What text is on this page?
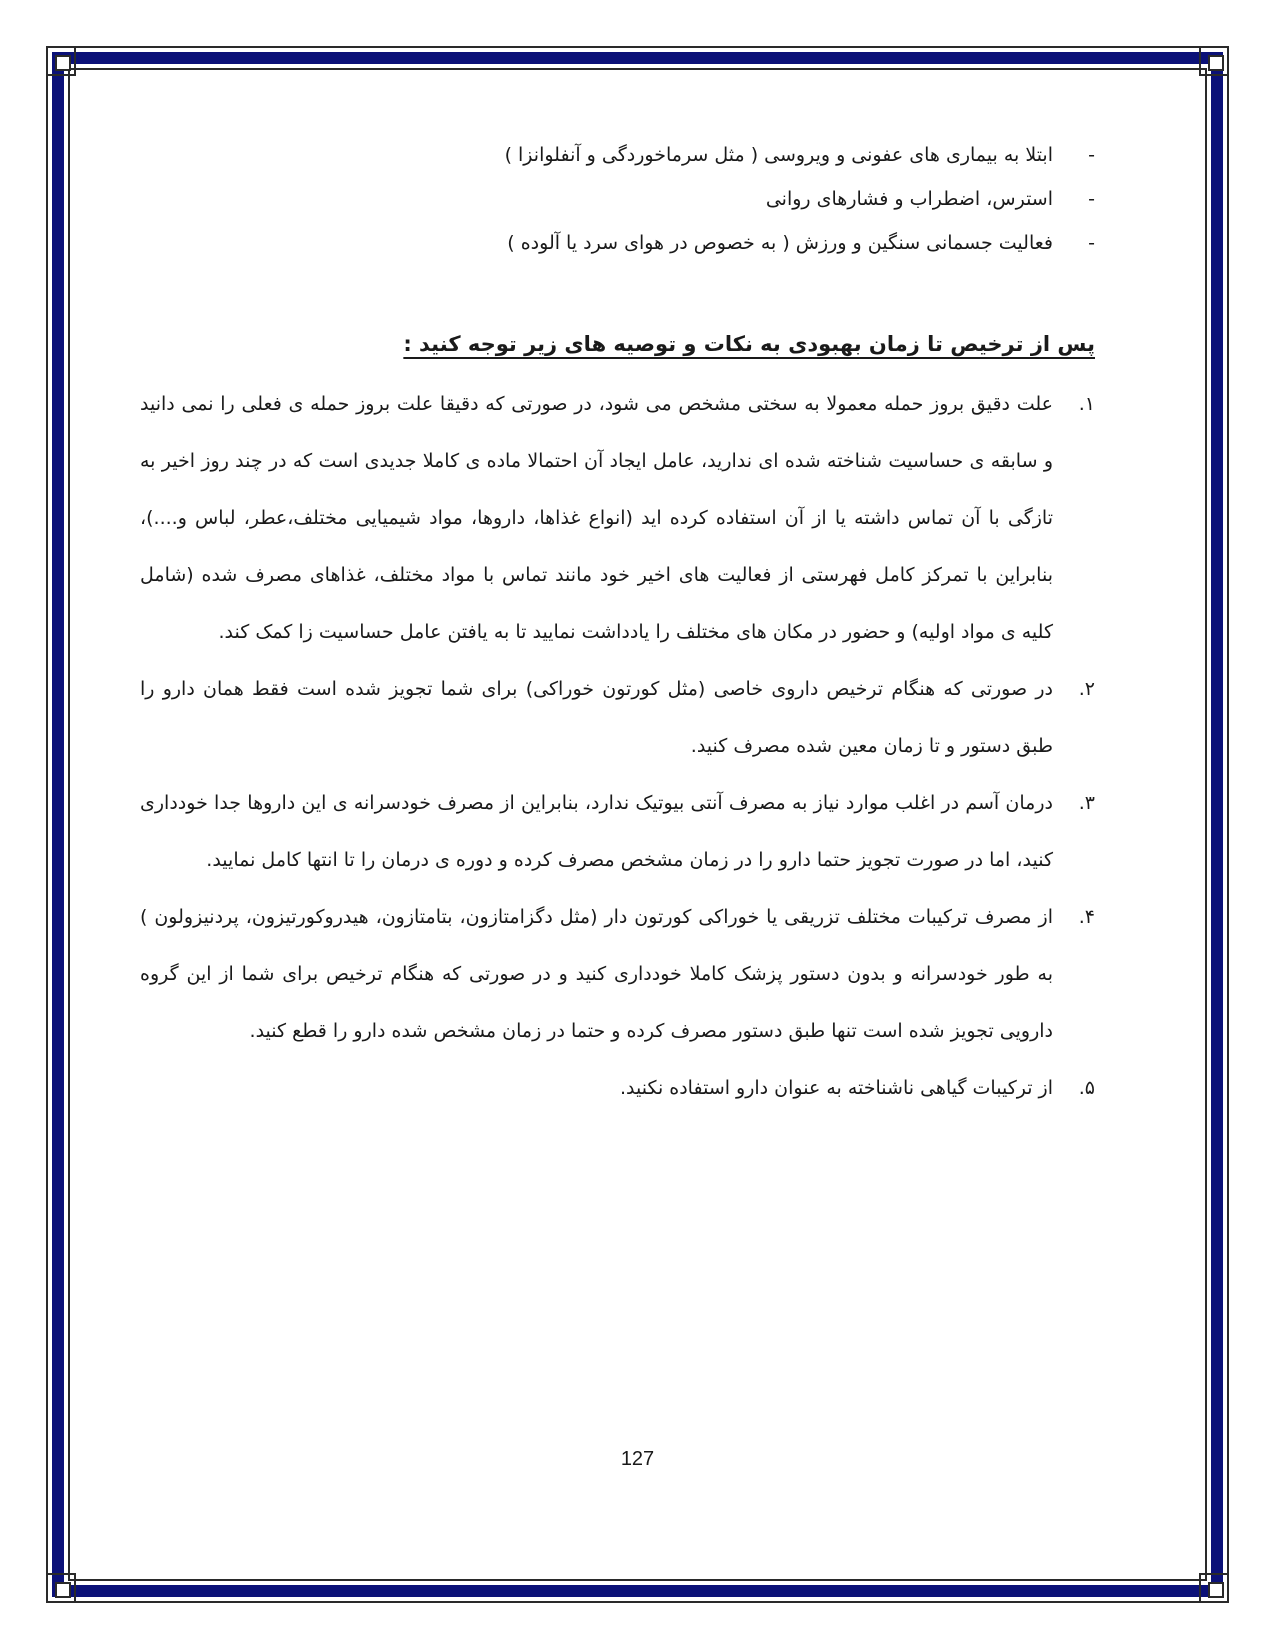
-
ابتلا به بیماری های عفونی و ویروسی ( مثل سرماخوردگی و آنفلوانزا )
-
استرس، اضطراب و فشارهای روانی
-
فعالیت جسمانی سنگین و ورزش ( به خصوص در هوای سرد یا آلوده )
پس از ترخیص تا زمان بهبودی به نکات و توصیه های زیر توجه کنید :
۱.
علت دقیق بروز حمله معمولا به سختی مشخص می شود، در صورتی که دقیقا علت بروز حمله ی فعلی را نمی دانید و سابقه ی حساسیت شناخته شده ای ندارید، عامل ایجاد آن احتمالا ماده ی کاملا جدیدی است که در چند روز اخیر به تازگی با آن تماس داشته یا از آن استفاده کرده اید (انواع غذاها، داروها، مواد شیمیایی مختلف،عطر، لباس و....)، بنابراین با تمرکز کامل فهرستی از فعالیت های اخیر خود مانند تماس با مواد مختلف، غذاهای مصرف شده (شامل کلیه ی مواد اولیه) و حضور در مکان های مختلف را یادداشت نمایید تا به یافتن عامل حساسیت زا کمک کند.
۲.
در صورتی که هنگام ترخیص داروی خاصی (مثل کورتون خوراکی) برای شما تجویز شده است فقط همان دارو را طبق دستور و تا زمان معین شده مصرف کنید.
۳.
درمان آسم در اغلب موارد نیاز به مصرف آنتی بیوتیک ندارد، بنابراین از مصرف خودسرانه ی این داروها جدا خودداری کنید، اما در صورت تجویز حتما دارو را در زمان مشخص مصرف کرده و دوره ی درمان را تا انتها کامل نمایید.
۴.
از مصرف ترکیبات مختلف تزریقی یا خوراکی کورتون دار (مثل دگزامتازون، بتامتازون، هیدروکورتیزون، پردنیزولون ) به طور خودسرانه و بدون دستور پزشک کاملا خودداری کنید و در صورتی که هنگام ترخیص برای شما از این گروه دارویی تجویز شده است تنها طبق دستور مصرف کرده و حتما در زمان مشخص شده دارو را قطع کنید.
۵.
از ترکیبات گیاهی ناشناخته به عنوان دارو استفاده نکنید.
127
